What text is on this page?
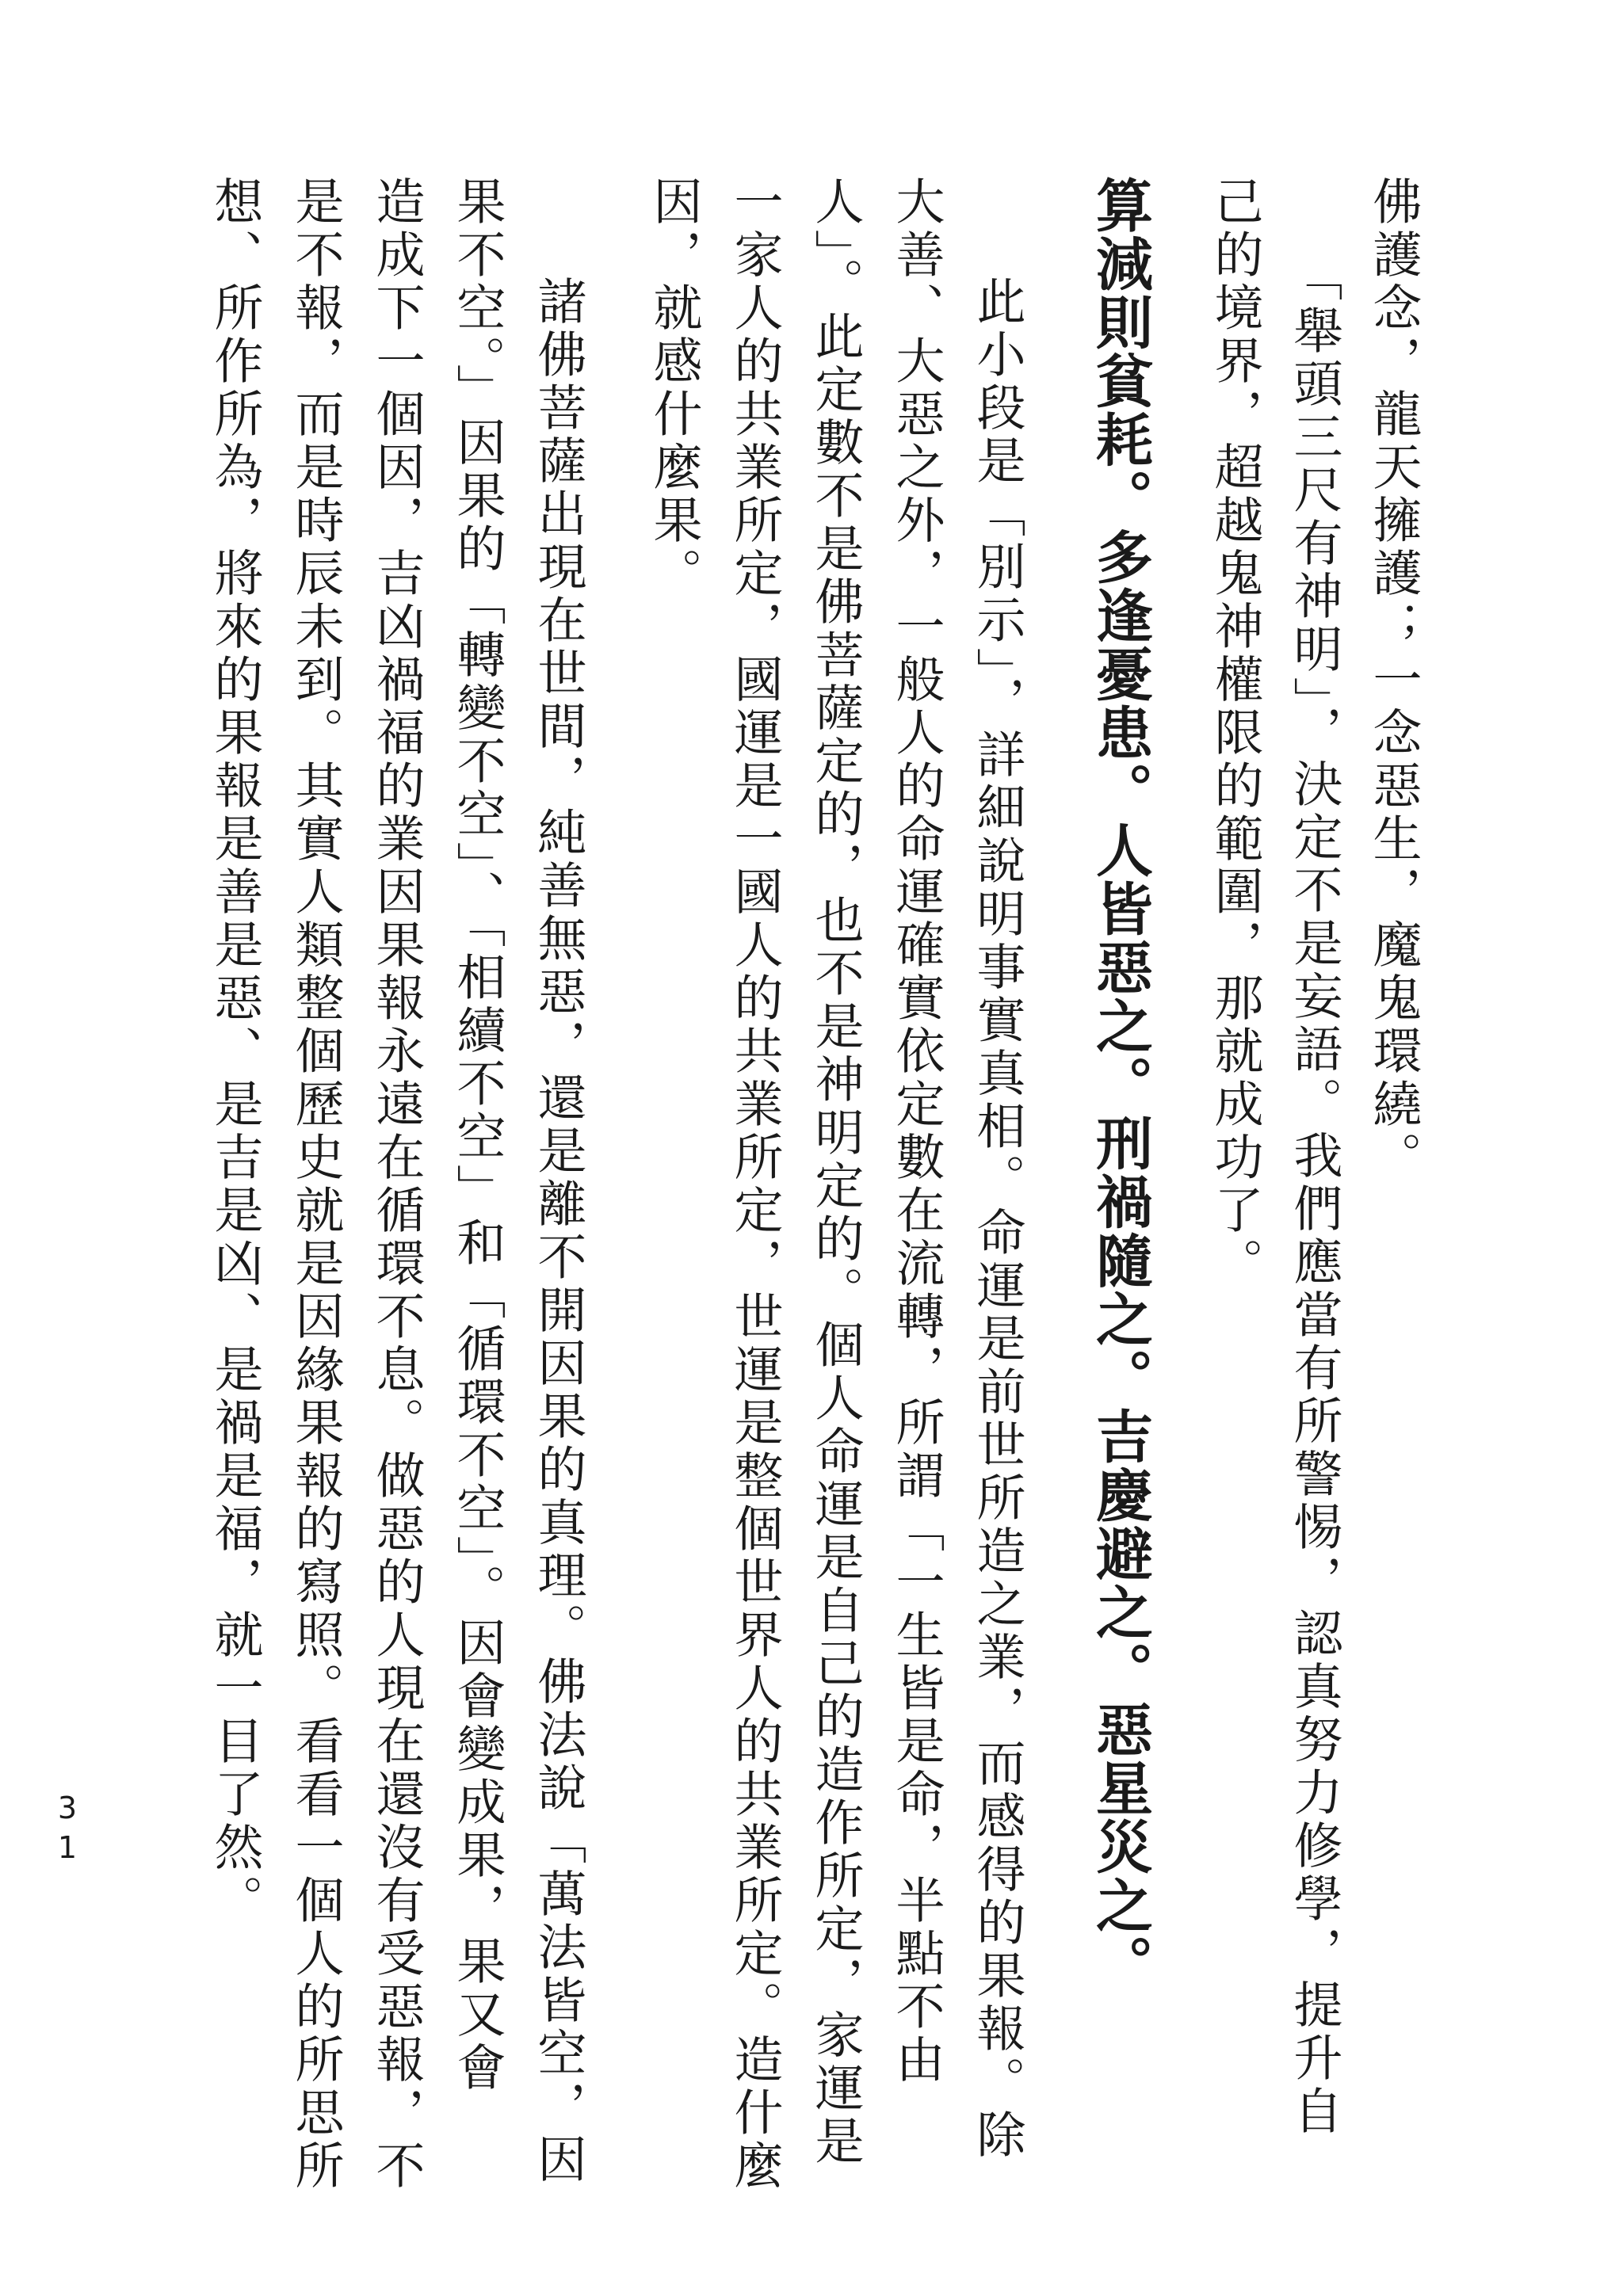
佛護念，龍天擁護；一念惡生，魔鬼環繞。
「舉頭三尺有神明」，決定不是妄語。我們應當有所警惕，認真努力修學，提升自
己的境界，超越鬼神權限的範圍，那就成功了。
算減則貧耗。多逢憂患。人皆惡之。刑禍隨之。吉慶避之。惡星災之。
此小段是「別示」，詳細說明事實真相。命運是前世所造之業，而感得的果報。除
大善、大惡之外，一般人的命運確實依定數在流轉，所謂「一生皆是命，半點不由
人」。此定數不是佛菩薩定的，也不是神明定的。個人命運是自己的造作所定，家運是
一家人的共業所定，國運是一國人的共業所定，世運是整個世界人的共業所定。造什麼
因，就感什麼果。
諸佛菩薩出現在世間，純善無惡，還是離不開因果的真理。佛法說「萬法皆空，因
果不空。」因果的「轉變不空」、「相續不空」和「循環不空」。因會變成果，果又會
造成下一個因，吉凶禍福的業因果報永遠在循環不息。做惡的人現在還沒有受惡報，不
是不報，而是時辰未到。其實人類整個歷史就是因緣果報的寫照。看看一個人的所思所
想、所作所為，將來的果報是善是惡、是吉是凶、是禍是福，就一目了然。
31
